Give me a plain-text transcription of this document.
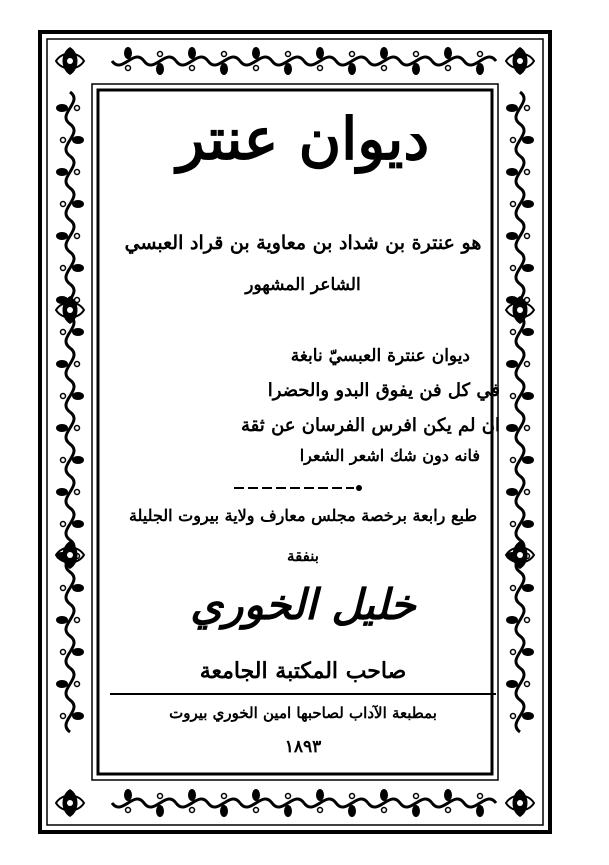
ديوان عنتر
هو عنترة بن شداد بن معاوية بن قراد العبسي
الشاعر المشهور
ديوان عنترة العبسيّ نابغة
في كل فن يفوق البدو والحضرا
ان لم يكن افرس الفرسان عن ثقة
فانه دون شك اشعر الشعرا
طبع رابعة برخصة مجلس معارف ولاية بيروت الجليلة
بنفقة
خليل الخوري
صاحب المكتبة الجامعة
بمطبعة الآداب لصاحبها امين الخوري بيروت
١٨٩٣
